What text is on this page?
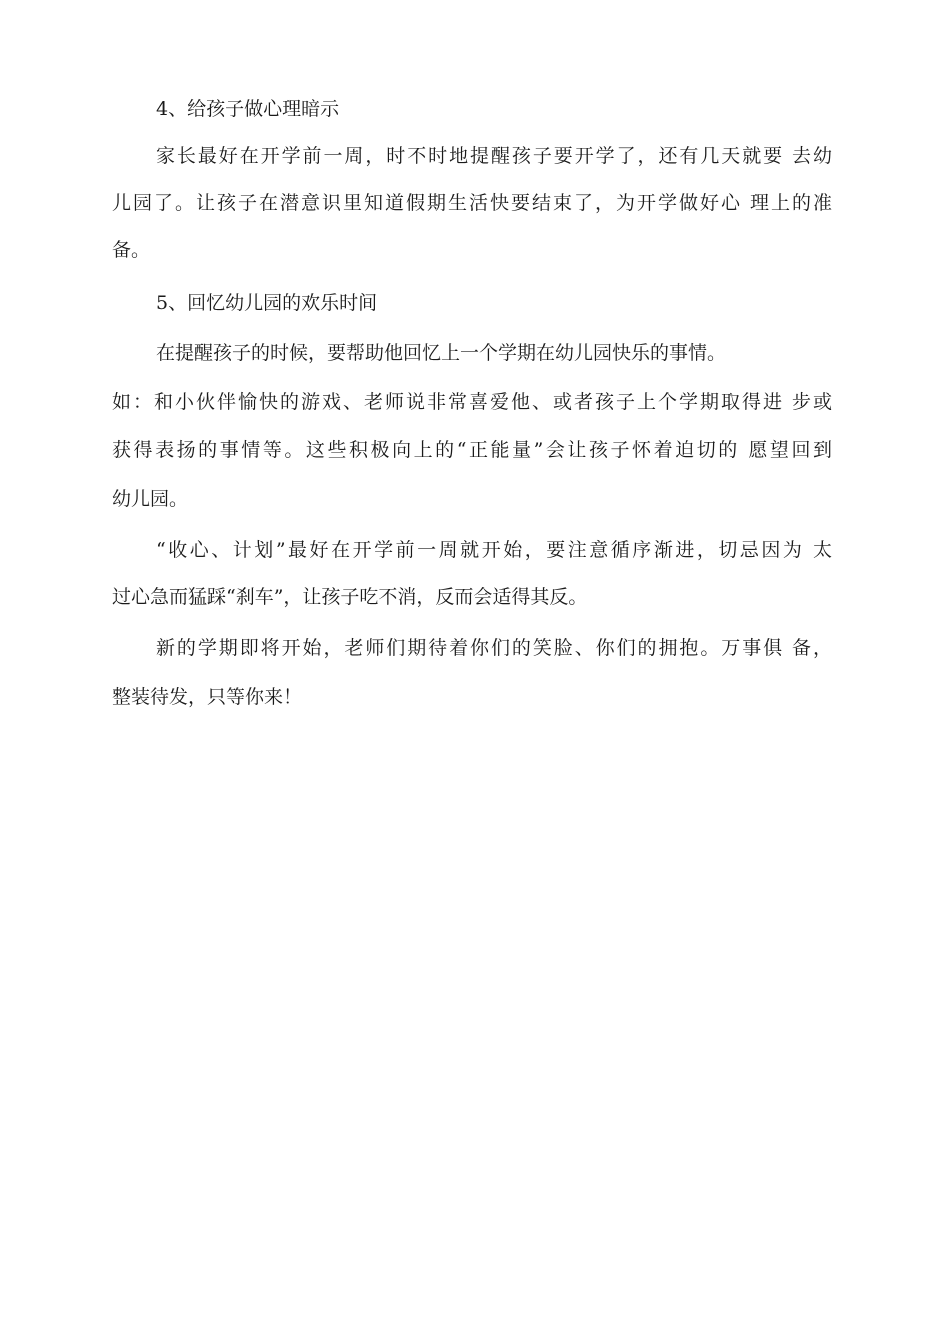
4、给孩子做心理暗示
家长最好在开学前一周，时不时地提醒孩子要开学了，还有几天就要 去幼
儿园了。让孩子在潜意识里知道假期生活快要结束了，为开学做好心 理上的准
备。
5、回忆幼儿园的欢乐时间
在提醒孩子的时候，要帮助他回忆上一个学期在幼儿园快乐的事情。
如：和小伙伴愉快的游戏、老师说非常喜爱他、或者孩子上个学期取得进 步或
获得表扬的事情等。这些积极向上的“正能量”会让孩子怀着迫切的 愿望回到
幼儿园。
“收心、计划”最好在开学前一周就开始，要注意循序渐进，切忌因为 太
过心急而猛踩“刹车”，让孩子吃不消，反而会适得其反。
新的学期即将开始，老师们期待着你们的笑脸、你们的拥抱。万事俱 备，
整装待发，只等你来！
